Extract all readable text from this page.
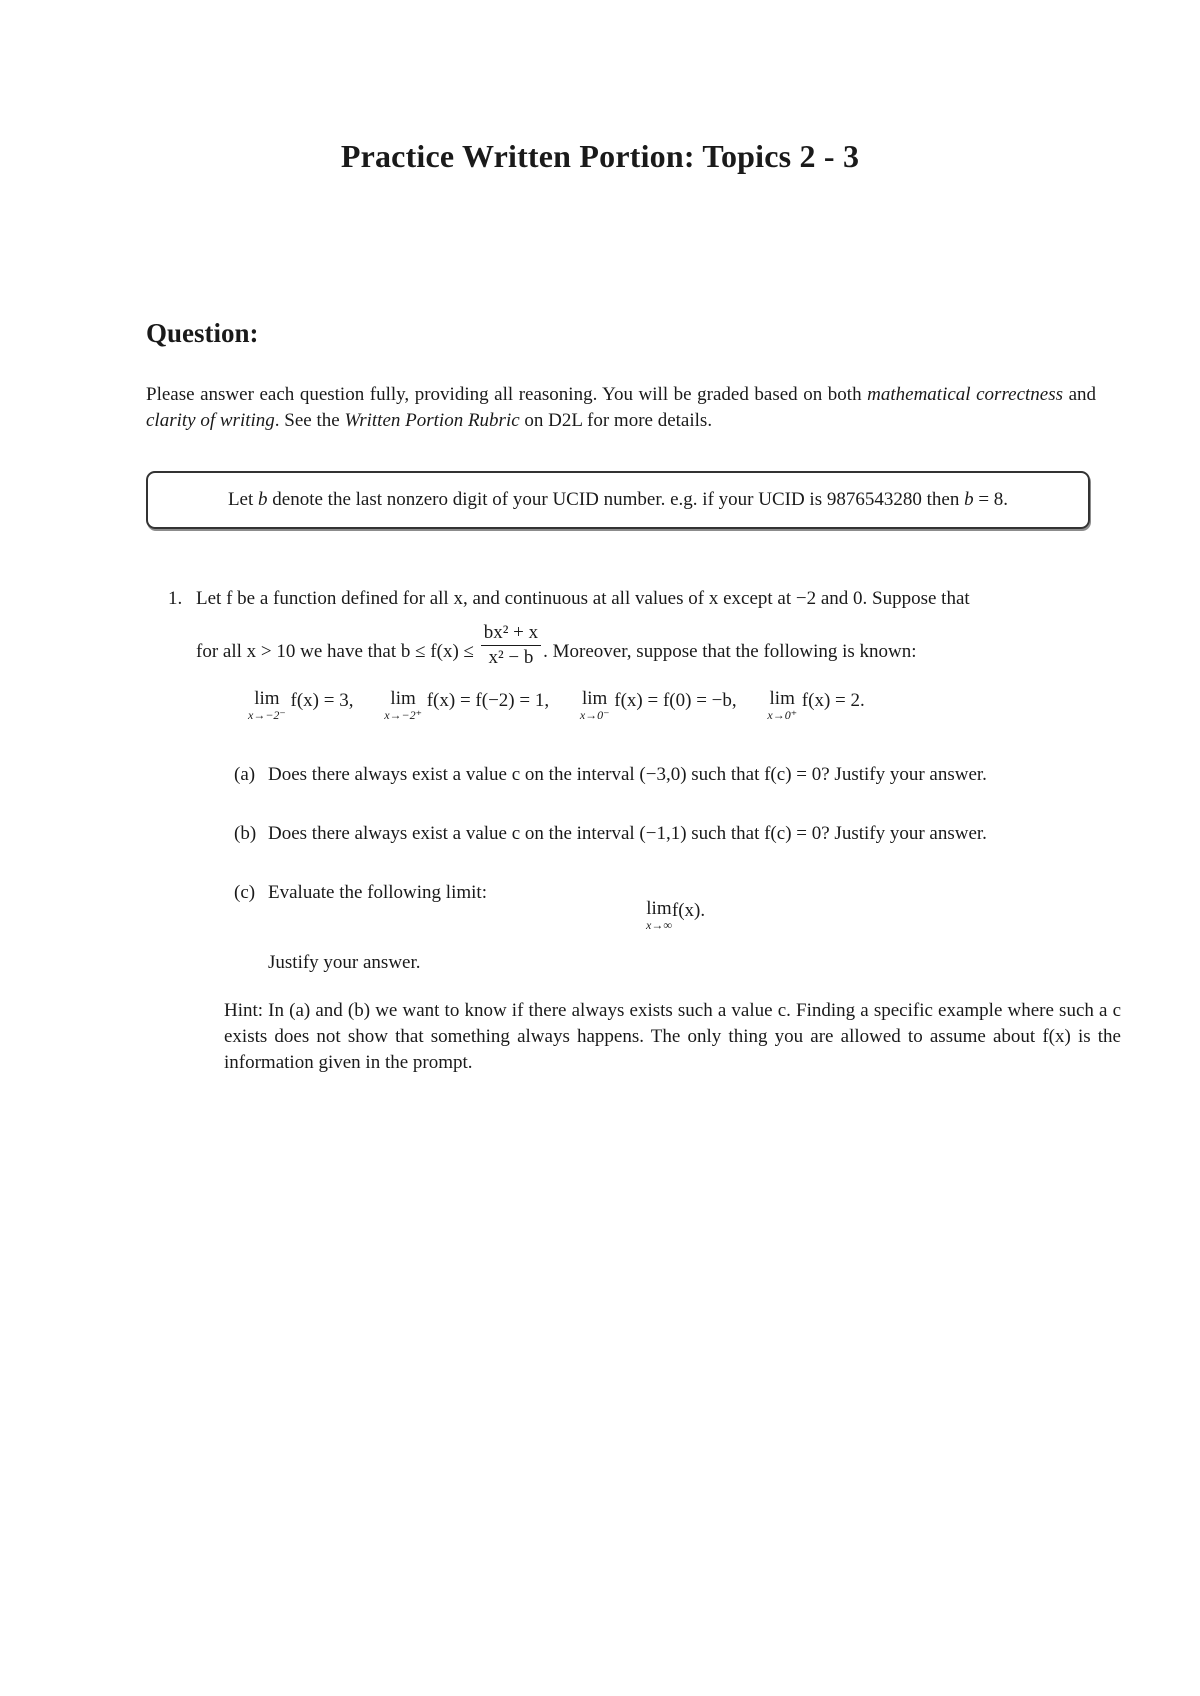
Practice Written Portion: Topics 2 - 3
Question:
Please answer each question fully, providing all reasoning. You will be graded based on both mathematical correctness and clarity of writing. See the Written Portion Rubric on D2L for more details.
Let b denote the last nonzero digit of your UCID number. e.g. if your UCID is 9876543280 then b = 8.
1. Let f be a function defined for all x, and continuous at all values of x except at −2 and 0. Suppose that
for all x > 10 we have that $b \le f(x) \le \frac{\text{bx² + x}}{\text{x² − b}}$ . Moreover, suppose that the following is known:
lim
x→−2⁻
f(x) = 3,	lim
x→−2⁺
f(x) = f(−2) = 1, lim
x→0⁻
f(x) = f(0) = −b, lim
x→0⁺
f(x) = 2.
(a) Does there always exist a value c on the interval (−3,0) such that f(c) = 0? Justify your answer.
(b) Does there always exist a value c on the interval (−1,1) such that f(c) = 0? Justify your answer.
(c) Evaluate the following limit:
lim
x→∞
f(x).
Justify your answer.
Hint: In (a) and (b) we want to know if there always exists such a value c. Finding a specific example where such a c exists does not show that something always happens. The only thing you are allowed to assume about f(x) is the information given in the prompt.
